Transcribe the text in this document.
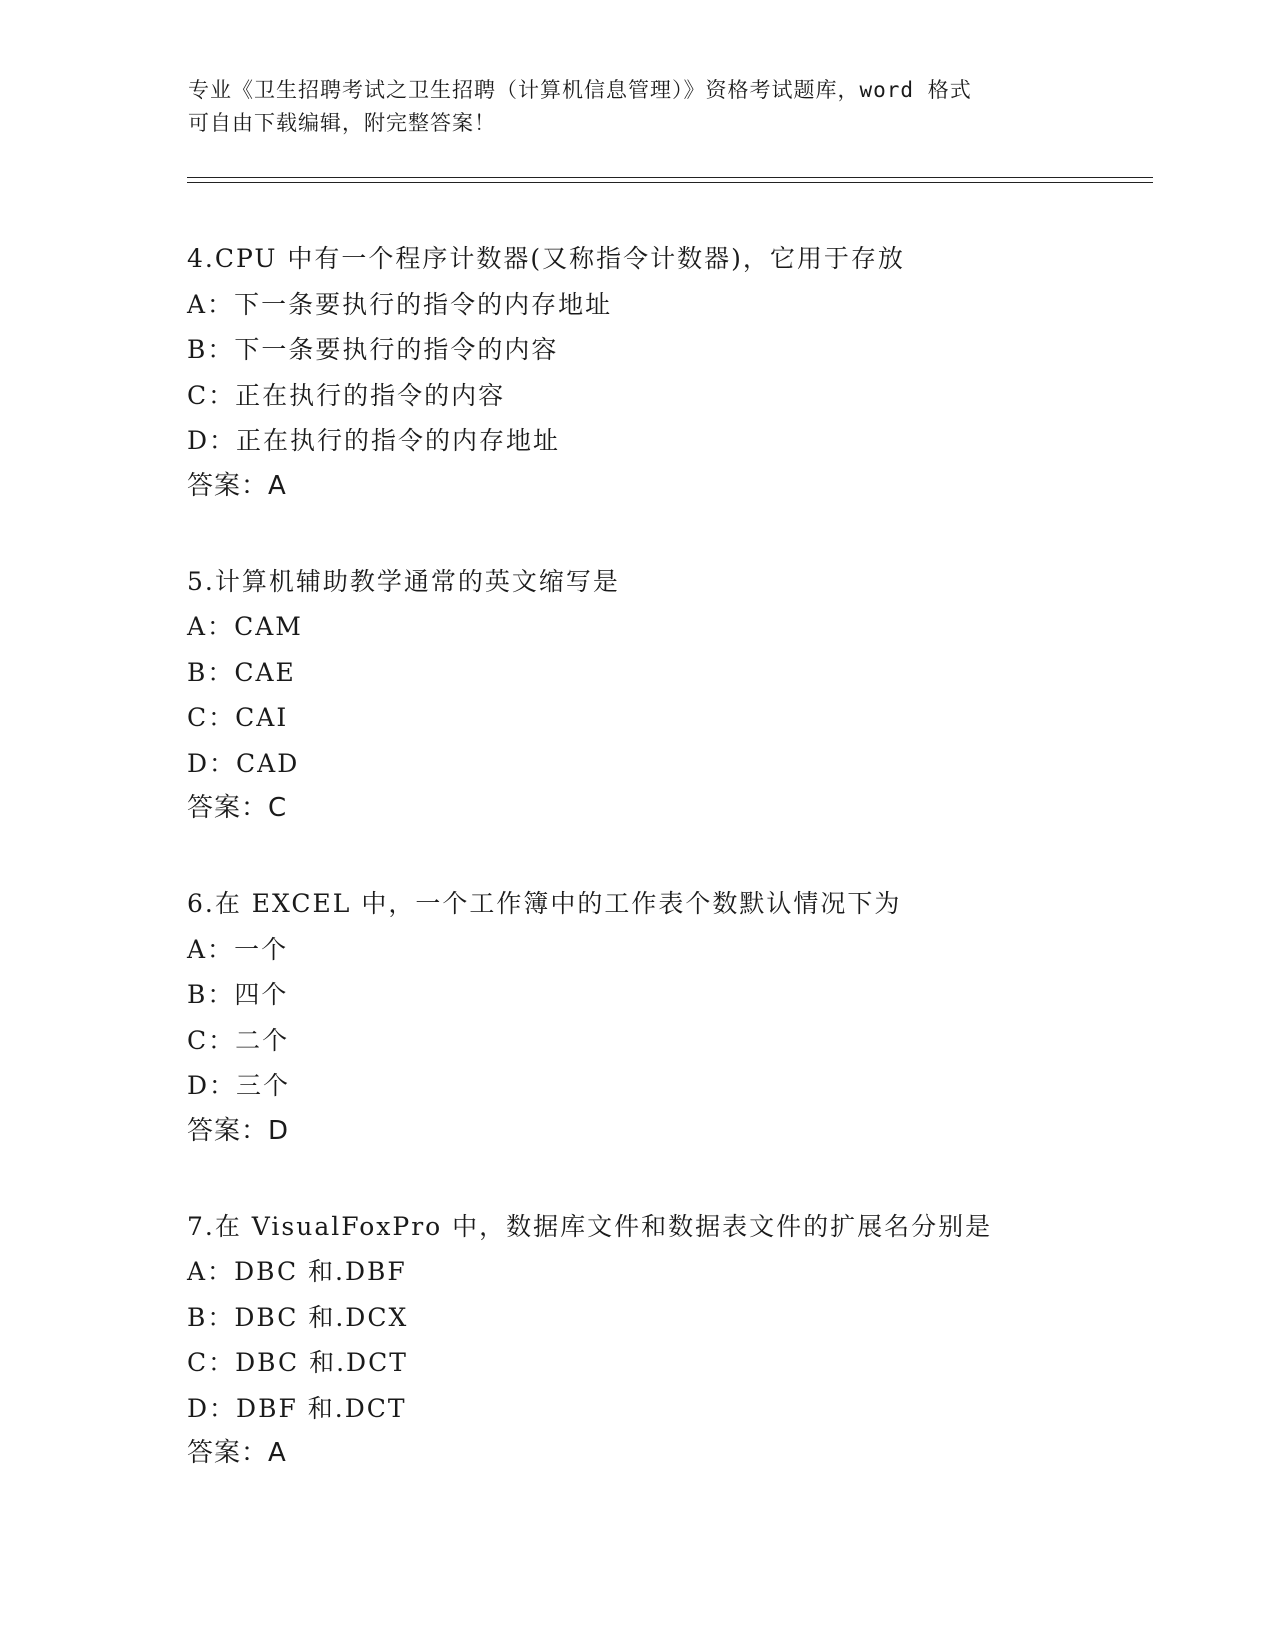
专业《卫生招聘考试之卫生招聘（计算机信息管理）》资格考试题库，word 格式
可自由下载编辑，附完整答案！
4.CPU 中有一个程序计数器(又称指令计数器)，它用于存放
A：下一条要执行的指令的内存地址
B：下一条要执行的指令的内容
C：正在执行的指令的内容
D：正在执行的指令的内存地址
答案：A
5.计算机辅助教学通常的英文缩写是
A：CAM
B：CAE
C：CAI
D：CAD
答案：C
6.在 EXCEL 中，一个工作簿中的工作表个数默认情况下为
A：一个
B：四个
C：二个
D：三个
答案：D
7.在 VisualFoxPro 中，数据库文件和数据表文件的扩展名分别是
A：DBC 和.DBF
B：DBC 和.DCX
C：DBC 和.DCT
D：DBF 和.DCT
答案：A
